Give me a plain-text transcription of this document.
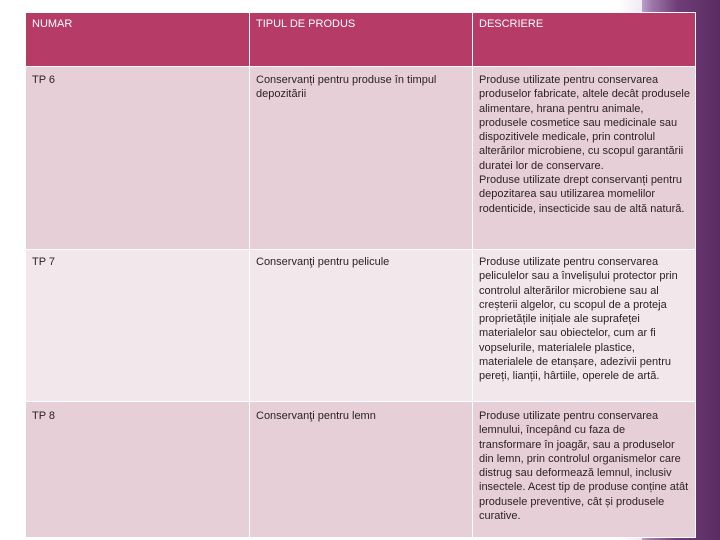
NUMAR	TIPUL DE PRODUS	DESCRIERE
TP 6	Conservanți pentru produse în timpul depozitării	Produse utilizate pentru conservarea produselor fabricate, altele decât produsele alimentare, hrana pentru animale, produsele cosmetice sau medicinale sau dispozitivele medicale, prin controlul alterărilor microbiene, cu scopul garantării duratei lor de conservare.
Produse utilizate drept conservanți pentru depozitarea sau utilizarea momelilor rodenticide, insecticide sau de altă natură.

TP 7	Conservanţi pentru pelicule	Produse utilizate pentru conservarea peliculelor sau a învelișului protector prin controlul alterărilor microbiene sau al creșterii algelor, cu scopul de a proteja proprietățile inițiale ale suprafeței materialelor sau obiectelor, cum ar fi vopselurile, materialele plastice, materialele de etanșare, adezivii pentru pereți, lianții, hârtiile, operele de artă.

TP 8	Conservanţi pentru lemn	Produse utilizate pentru conservarea lemnului, începând cu faza de transformare în joagăr, sau a produselor din lemn, prin controlul organismelor care distrug sau deformează lemnul, inclusiv insectele. Acest tip de produse conține atât produsele preventive, cât și produsele curative.
